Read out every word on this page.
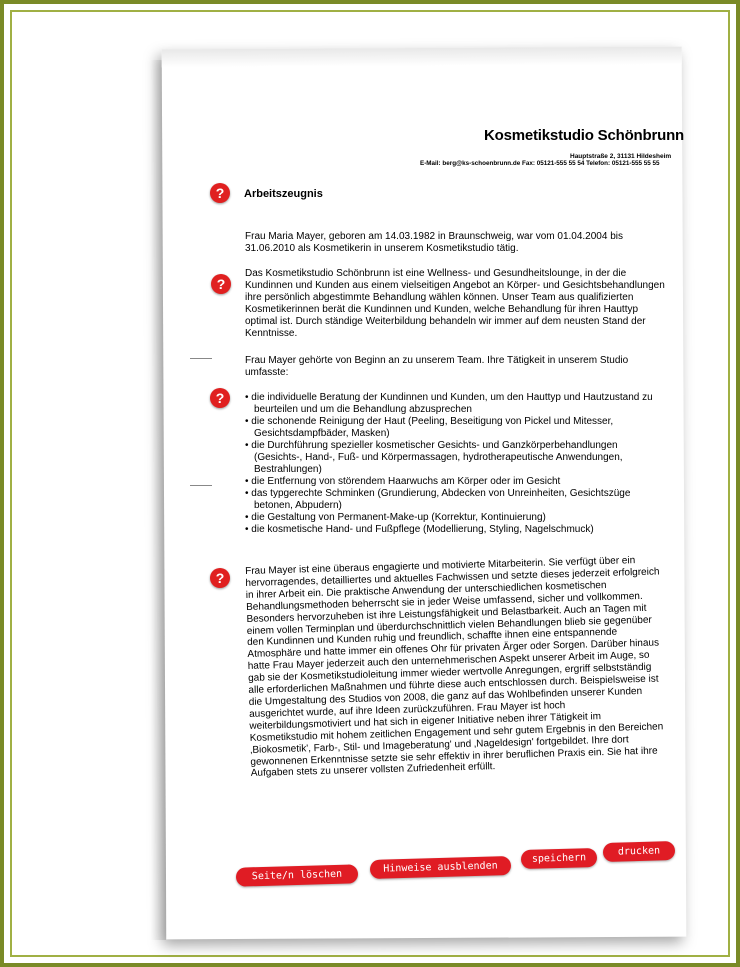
Kosmetikstudio Schönbrunn
Hauptstraße 2, 31131 Hildesheim
E-Mail: berg@ks-schoenbrunn.de Fax: 05121-555 55 54 Telefon: 05121-555 55 55
?	Arbeitszeugnis

Frau Maria Mayer, geboren am 14.03.1982 in Braunschweig, war vom 01.04.2004 bis 31.06.2010 als Kosmetikerin in unserem Kosmetikstudio tätig.

?

Das Kosmetikstudio Schönbrunn ist eine Wellness- und Gesundheitslounge, in der die Kundinnen und Kunden aus einem vielseitigen Angebot an Körper- und Gesichtsbehandlungen ihre persönlich abgestimmte Behandlung wählen können. Unser Team aus qualifizierten Kosmetikerinnen berät die Kundinnen und Kunden, welche Behandlung für ihren Hauttyp optimal ist. Durch ständige Weiterbildung behandeln wir immer auf dem neusten Stand der Kenntnisse.

Frau Mayer gehörte von Beginn an zu unserem Team. Ihre Tätigkeit in unserem Studio umfasste:

?
•	die individuelle Beratung der Kundinnen und Kunden, um den Hauttyp und Hautzustand zu beurteilen und um die Behandlung abzusprechen
• die schonende Reinigung der Haut (Peeling, Beseitigung von Pickel und Mitesser, Gesichtsdampfbäder, Masken)
• die Durchführung spezieller kosmetischer Gesichts- und Ganzkörperbehandlungen (Gesichts-, Hand-, Fuß- und Körpermassagen, hydrotherapeutische Anwendungen, Bestrahlungen)
• die Entfernung von störendem Haarwuchs am Körper oder im Gesicht
• das typgerechte Schminken (Grundierung, Abdecken von Unreinheiten, Gesichtszüge betonen, Abpudern)
• die Gestaltung von Permanent-Make-up (Korrektur, Kontinuierung)
• die kosmetische Hand- und Fußpflege (Modellierung, Styling, Nagelschmuck)
?

Frau Mayer ist eine überaus engagierte und motivierte Mitarbeiterin. Sie verfügt über ein hervorragendes, detailliertes und aktuelles Fachwissen und setzte dieses jederzeit erfolgreich in ihrer Arbeit ein. Die praktische Anwendung der unterschiedlichen kosmetischen Behandlungsmethoden beherrscht sie in jeder Weise umfassend, sicher und vollkommen. Besonders hervorzuheben ist ihre Leistungsfähigkeit und Belastbarkeit. Auch an Tagen mit einem vollen Terminplan und überdurchschnittlich vielen Behandlungen blieb sie gegenüber den Kundinnen und Kunden ruhig und freundlich, schaffte ihnen eine entspannende Atmosphäre und hatte immer ein offenes Ohr für privaten Ärger oder Sorgen. Darüber hinaus hatte Frau Mayer jederzeit auch den unternehmerischen Aspekt unserer Arbeit im Auge, so gab sie der Kosmetikstudioleitung immer wieder wertvolle Anregungen, ergriff selbstständig alle erforderlichen Maßnahmen und führte diese auch entschlossen durch. Beispielsweise ist die Umgestaltung des Studios von 2008, die ganz auf das Wohlbefinden unserer Kunden ausgerichtet wurde, auf ihre Ideen zurückzuführen. Frau Mayer ist hoch weiterbildungsmotiviert und hat sich in eigener Initiative neben ihrer Tätigkeit im Kosmetikstudio mit hohem zeitlichen Engagement und sehr gutem Ergebnis in den Bereichen ‚Biokosmetik', Farb-, Stil- und Imageberatung' und ‚Nageldesign' fortgebildet. Ihre dort gewonnenen Erkenntnisse setzte sie sehr effektiv in ihrer beruflichen Praxis ein. Sie hat ihre Aufgaben stets zu unserer vollsten Zufriedenheit erfüllt.

Seite/n löschen
Hinweise ausblenden
speichern
drucken
